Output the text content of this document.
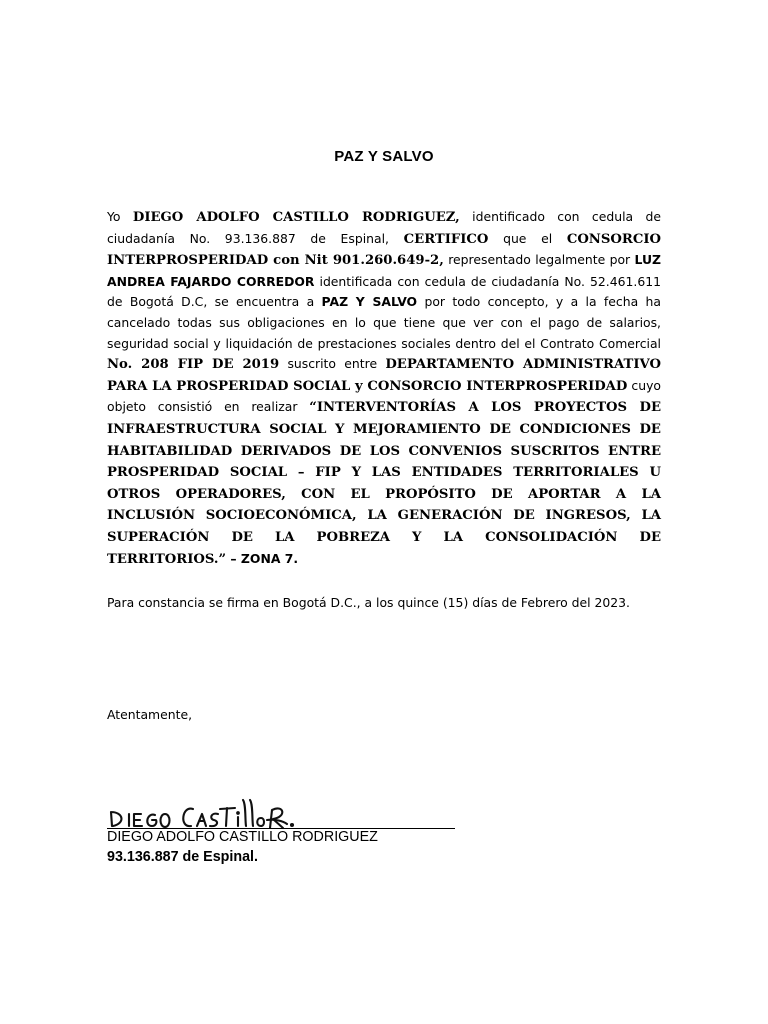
PAZ Y SALVO
Yo DIEGO ADOLFO CASTILLO RODRIGUEZ, identificado con cedula de ciudadanía No. 93.136.887 de Espinal, CERTIFICO que el CONSORCIO INTERPROSPERIDAD con Nit 901.260.649-2, representado legalmente por LUZ ANDREA FAJARDO CORREDOR identificada con cedula de ciudadanía No. 52.461.611 de Bogotá D.C, se encuentra a PAZ Y SALVO por todo concepto, y a la fecha ha cancelado todas sus obligaciones en lo que tiene que ver con el pago de salarios, seguridad social y liquidación de prestaciones sociales dentro del el Contrato Comercial No. 208 FIP DE 2019 suscrito entre DEPARTAMENTO ADMINISTRATIVO PARA LA PROSPERIDAD SOCIAL y CONSORCIO INTERPROSPERIDAD cuyo objeto consistió en realizar “INTERVENTORÍAS A LOS PROYECTOS DE INFRAESTRUCTURA SOCIAL Y MEJORAMIENTO DE CONDICIONES DE HABITABILIDAD DERIVADOS DE LOS CONVENIOS SUSCRITOS ENTRE PROSPERIDAD SOCIAL – FIP Y LAS ENTIDADES TERRITORIALES U OTROS OPERADORES, CON EL PROPÓSITO DE APORTAR A LA INCLUSIÓN SOCIOECONÓMICA, LA GENERACIÓN DE INGRESOS, LA SUPERACIÓN DE LA POBREZA Y LA CONSOLIDACIÓN DE TERRITORIOS.” – ZONA 7.
Para constancia se firma en Bogotá D.C., a los quince (15) días de Febrero del 2023.
Atentamente,
DIEGO ADOLFO CASTILLO RODRIGUEZ
93.136.887 de Espinal.
